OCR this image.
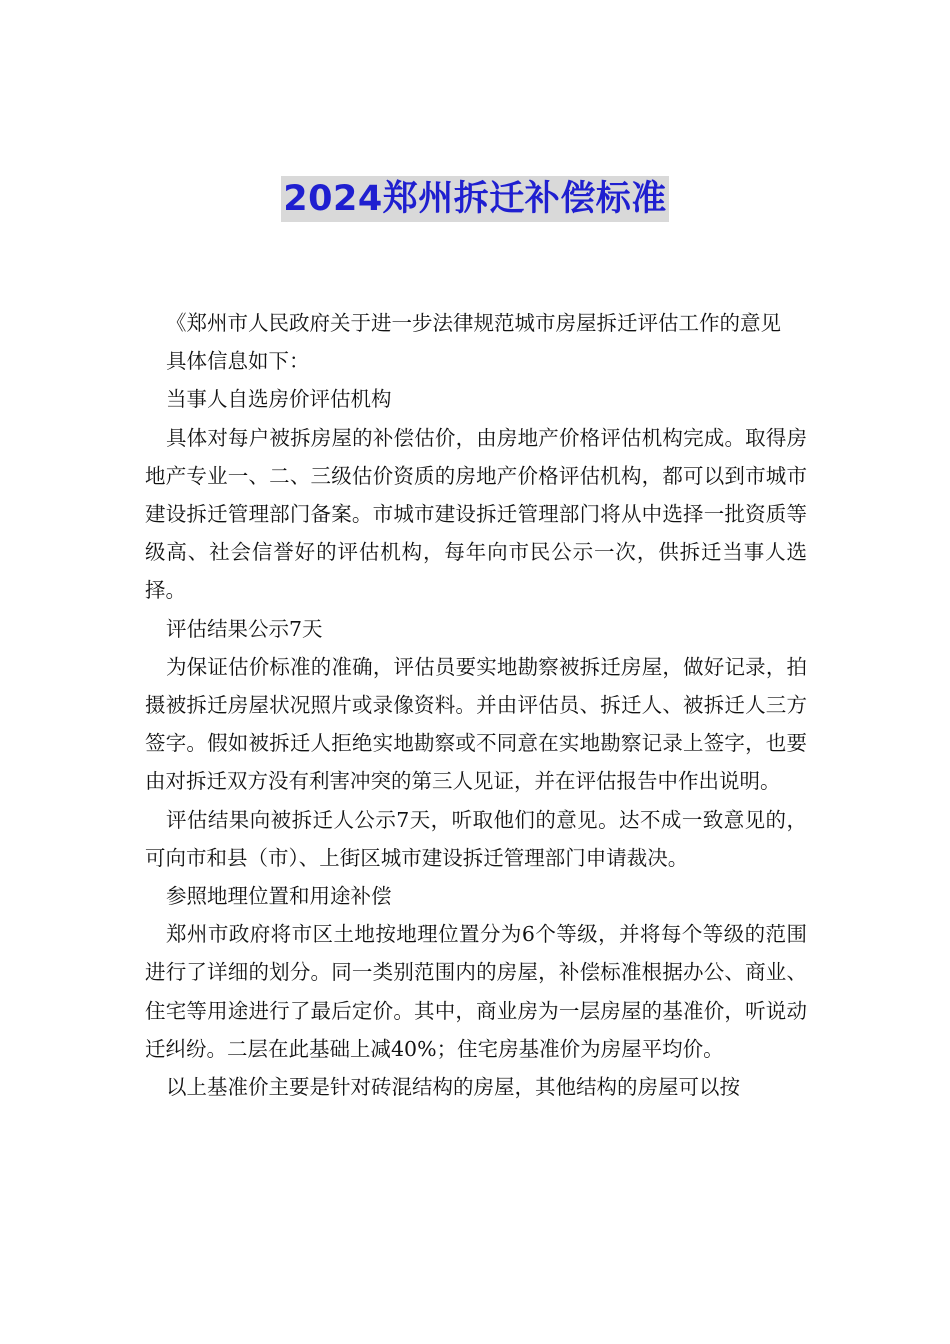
2024郑州拆迁补偿标准

《郑州市人民政府关于进一步法律规范城市房屋拆迁评估工作的意见

具体信息如下：

当事人自选房价评估机构

具体对每户被拆房屋的补偿估价，由房地产价格评估机构完成。取得房地产专业一、二、三级估价资质的房地产价格评估机构，都可以到市城市建设拆迁管理部门备案。市城市建设拆迁管理部门将从中选择一批资质等级高、社会信誉好的评估机构，每年向市民公示一次，供拆迁当事人选择。

评估结果公示7天

为保证估价标准的准确，评估员要实地勘察被拆迁房屋，做好记录，拍摄被拆迁房屋状况照片或录像资料。并由评估员、拆迁人、被拆迁人三方签字。假如被拆迁人拒绝实地勘察或不同意在实地勘察记录上签字，也要由对拆迁双方没有利害冲突的第三人见证，并在评估报告中作出说明。

评估结果向被拆迁人公示7天，听取他们的意见。达不成一致意见的，可向市和县（市）、上街区城市建设拆迁管理部门申请裁决。

参照地理位置和用途补偿

郑州市政府将市区土地按地理位置分为6个等级，并将每个等级的范围进行了详细的划分。同一类别范围内的房屋，补偿标准根据办公、商业、住宅等用途进行了最后定价。其中，商业房为一层房屋的基准价，听说动迁纠纷。二层在此基础上减40%；住宅房基准价为房屋平均价。

以上基准价主要是针对砖混结构的房屋，其他结构的房屋可以按
